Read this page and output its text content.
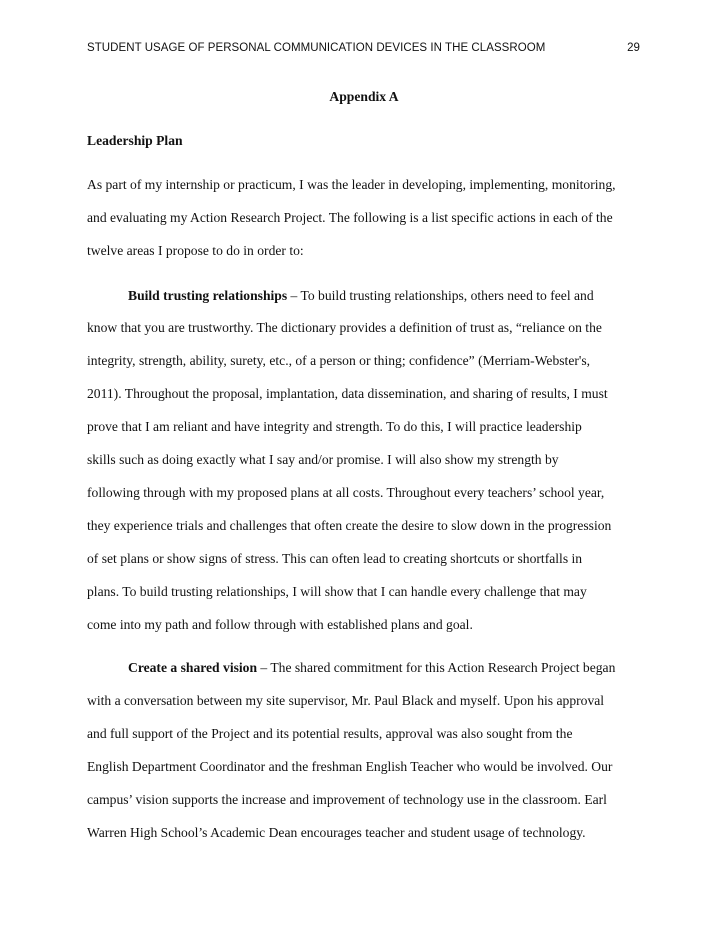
STUDENT USAGE OF PERSONAL COMMUNICATION DEVICES IN THE CLASSROOM	29
Appendix A
Leadership Plan
As part of my internship or practicum, I was the leader in developing, implementing, monitoring,
and evaluating my Action Research Project. The following is a list specific actions in each of the
twelve areas I propose to do in order to:
Build trusting relationships – To build trusting relationships, others need to feel and
know that you are trustworthy. The dictionary provides a definition of trust as, “reliance on the
integrity, strength, ability, surety, etc., of a person or thing; confidence” (Merriam-Webster's,
2011). Throughout the proposal, implantation, data dissemination, and sharing of results, I must
prove that I am reliant and have integrity and strength. To do this, I will practice leadership
skills such as doing exactly what I say and/or promise. I will also show my strength by
following through with my proposed plans at all costs. Throughout every teachers’ school year,
they experience trials and challenges that often create the desire to slow down in the progression
of set plans or show signs of stress. This can often lead to creating shortcuts or shortfalls in
plans. To build trusting relationships, I will show that I can handle every challenge that may
come into my path and follow through with established plans and goal.
Create a shared vision – The shared commitment for this Action Research Project began
with a conversation between my site supervisor, Mr. Paul Black and myself. Upon his approval
and full support of the Project and its potential results, approval was also sought from the
English Department Coordinator and the freshman English Teacher who would be involved. Our
campus’ vision supports the increase and improvement of technology use in the classroom. Earl
Warren High School’s Academic Dean encourages teacher and student usage of technology.
